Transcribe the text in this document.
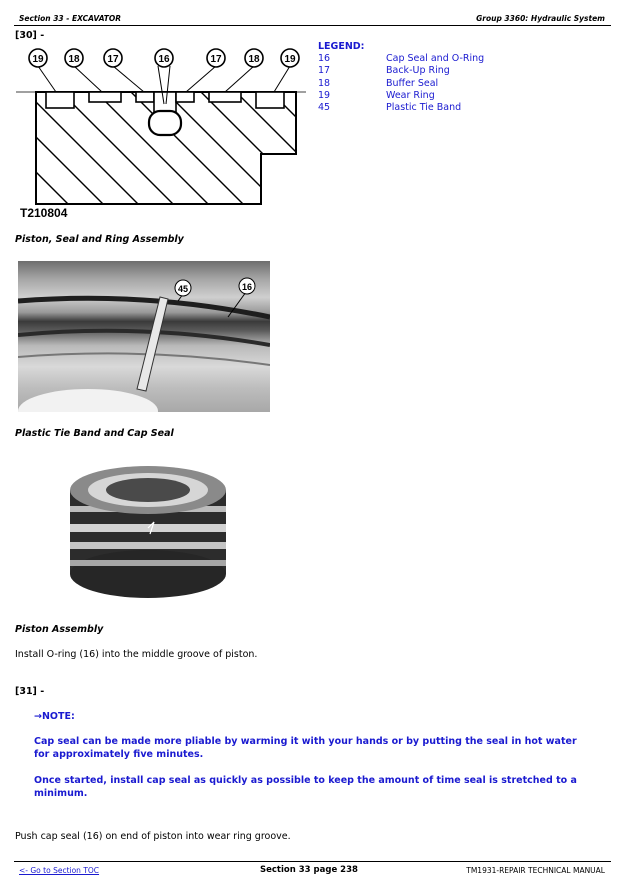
Section 33 - EXCAVATOR	Group 3360: Hydraulic System
[30] -
19 18	17	16	17	18 19
T210804
LEGEND:
16	Cap Seal and O-Ring
17	Back-Up Ring
18	Buffer Seal
19	Wear Ring
45	Plastic Tie Band
Piston, Seal and Ring Assembly
45	16
Plastic Tie Band and Cap Seal
Piston Assembly
Install O-ring (16) into the middle groove of piston.
[31] -
→NOTE:
Cap seal can be made more pliable by warming it with your hands or by putting the seal in hot water for approximately five minutes.
Once started, install cap seal as quickly as possible to keep the amount of time seal is stretched to a minimum.
Push cap seal (16) on end of piston into wear ring groove.
<- Go to Section TOC	Section 33 page 238	TM1931-REPAIR TECHNICAL MANUAL
